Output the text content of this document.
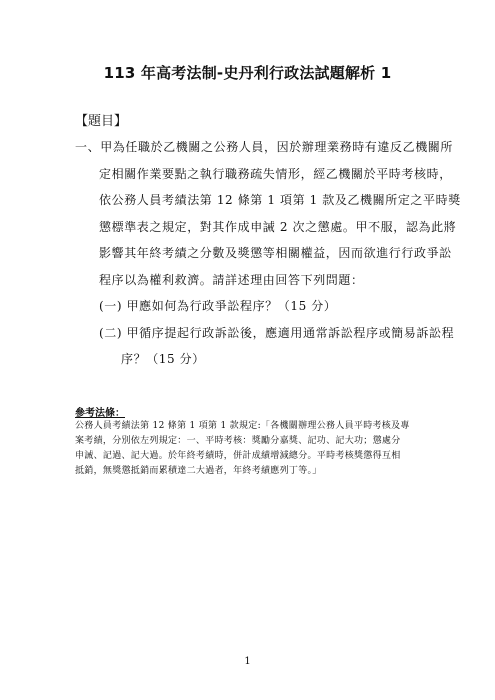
113 年高考法制-史丹利行政法試題解析 1
【題目】
一、甲為任職於乙機關之公務人員，因於辦理業務時有違反乙機關所
定相關作業要點之執行職務疏失情形，經乙機關於平時考核時，
依公務人員考績法第 12 條第 1 項第 1 款及乙機關所定之平時獎
懲標準表之規定，對其作成申誡 2 次之懲處。甲不服，認為此將
影響其年終考績之分數及獎懲等相關權益，因而欲進行行政爭訟
程序以為權利救濟。請詳述理由回答下列問題：
(一) 甲應如何為行政爭訟程序？（15 分）
(二) 甲循序提起行政訴訟後，應適用通常訴訟程序或簡易訴訟程
序？（15 分）
參考法條：
公務人員考績法第 12 條第 1 項第 1 款規定:「各機關辦理公務人員平時考核及專
案考績，分別依左列規定：一、平時考核：獎勵分嘉獎、記功、記大功；懲處分
申誡、記過、記大過。於年終考績時，併計成績增減總分。平時考核獎懲得互相
抵銷，無獎懲抵銷而累積達二大過者，年終考績應列丁等。」
1
